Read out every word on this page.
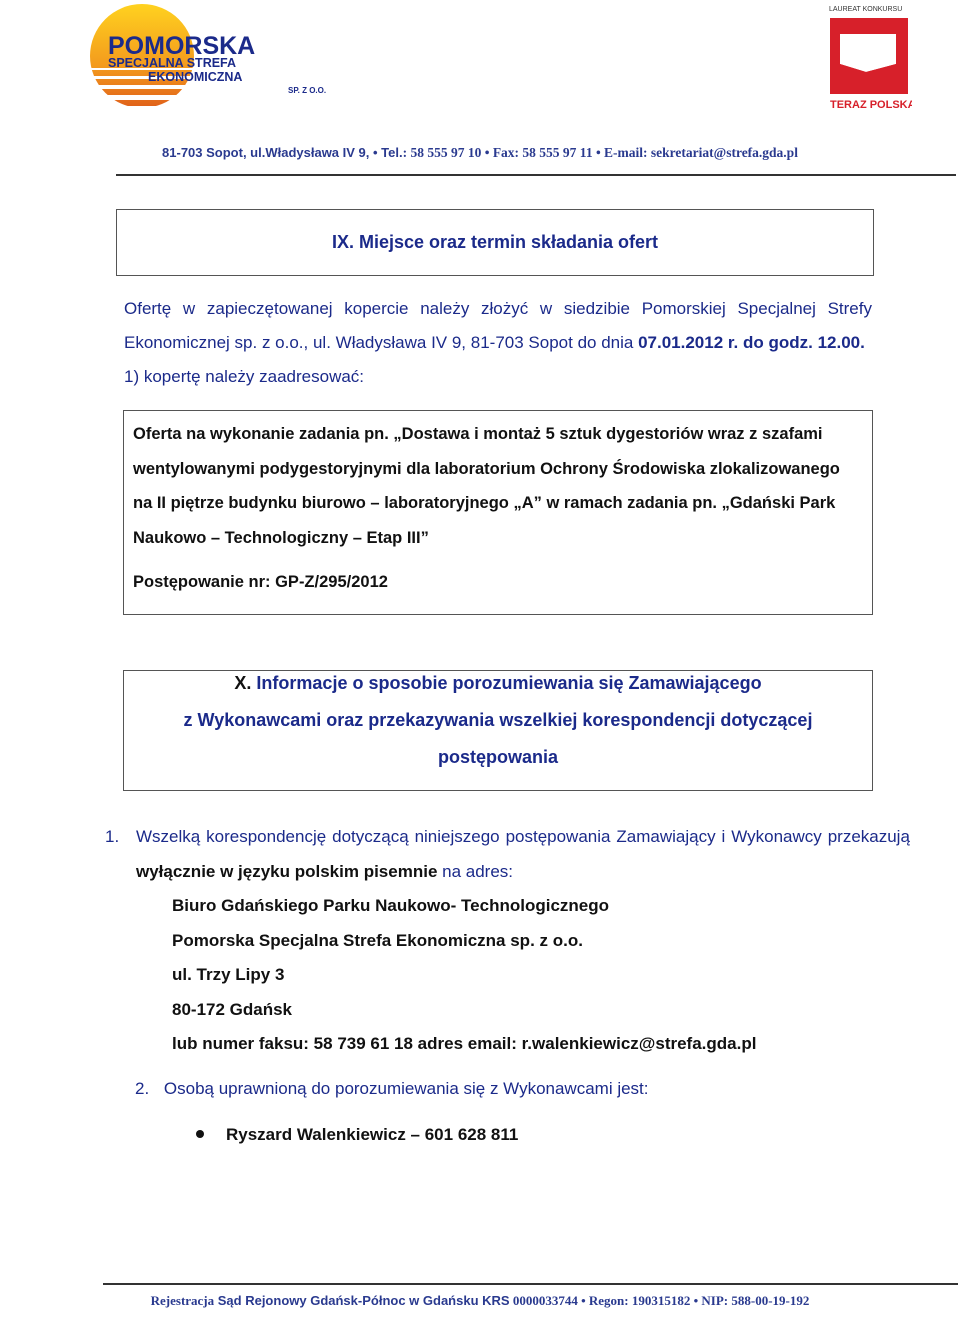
POMORSKA
SPECJALNA STREFA
EKONOMICZNA
SP. Z O.O.
LAUREAT KONKURSU
TERAZ POLSKA
81-703 Sopot, ul.Władysława IV 9, • Tel.: 58 555 97 10 • Fax: 58 555 97 11 • E-mail: sekretariat@strefa.gda.pl
IX. Miejsce oraz termin składania ofert
Ofertę w zapieczętowanej kopercie należy złożyć w siedzibie Pomorskiej Specjalnej Strefy
Ekonomicznej sp. z o.o., ul. Władysława IV 9, 81-703 Sopot do dnia 07.01.2012 r. do godz. 12.00.
1) kopertę należy zaadresować:
Oferta na wykonanie zadania pn. „Dostawa i montaż 5 sztuk dygestoriów wraz z szafami
wentylowanymi podygestoryjnymi dla laboratorium Ochrony Środowiska zlokalizowanego
na II piętrze budynku biurowo – laboratoryjnego „A” w ramach zadania pn. „Gdański Park
Naukowo – Technologiczny – Etap III”
Postępowanie nr: GP-Z/295/2012
X. Informacje o sposobie porozumiewania się Zamawiającego
z Wykonawcami oraz przekazywania wszelkiej korespondencji dotyczącej
postępowania
1. Wszelką korespondencję dotyczącą niniejszego postępowania Zamawiający i Wykonawcy przekazują
wyłącznie w języku polskim pisemnie na adres:
Biuro Gdańskiego Parku Naukowo- Technologicznego
Pomorska Specjalna Strefa Ekonomiczna sp. z o.o.
ul. Trzy Lipy 3
80-172 Gdańsk
lub numer faksu: 58 739 61 18 adres email: r.walenkiewicz@strefa.gda.pl
2. Osobą uprawnioną do porozumiewania się z Wykonawcami jest:
Ryszard Walenkiewicz – 601 628 811
Rejestracja Sąd Rejonowy Gdańsk-Północ w Gdańsku KRS 0000033744 • Regon: 190315182 • NIP: 588-00-19-192
